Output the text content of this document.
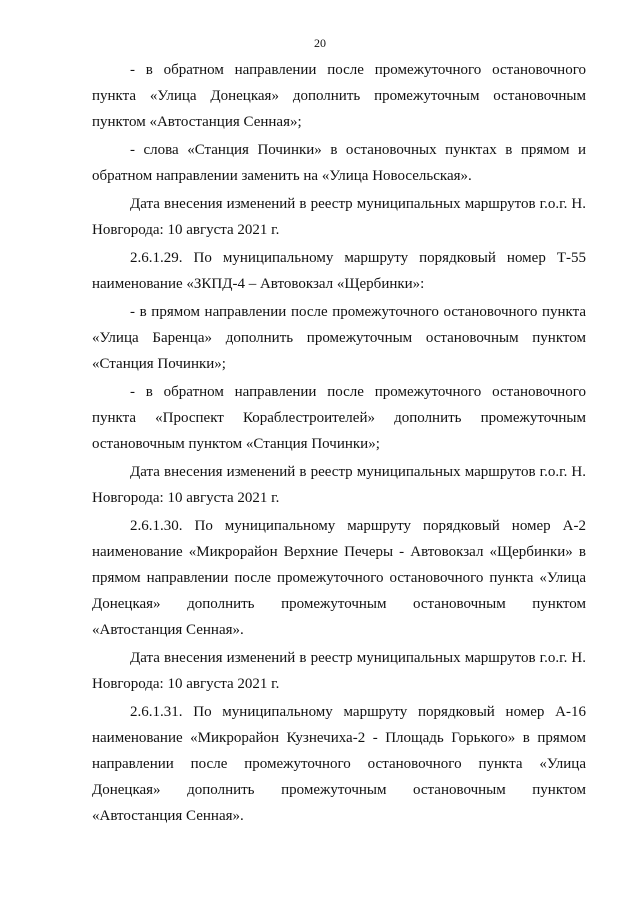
20

- в обратном направлении после промежуточного остановочного пункта «Улица Донецкая» дополнить промежуточным остановочным пунктом «Автостанция Сенная»;

- слова «Станция Починки» в остановочных пунктах в прямом и обратном направлении заменить на «Улица Новосельская».

Дата внесения изменений в реестр муниципальных маршрутов г.о.г. Н. Новгорода: 10 августа 2021 г.

2.6.1.29. По муниципальному маршруту порядковый номер Т-55 наименование «ЗКПД-4 – Автовокзал «Щербинки»:

- в прямом направлении после промежуточного остановочного пункта «Улица Баренца» дополнить промежуточным остановочным пунктом «Станция Починки»;

- в обратном направлении после промежуточного остановочного пункта «Проспект Кораблестроителей» дополнить промежуточным остановочным пунктом «Станция Починки»;

Дата внесения изменений в реестр муниципальных маршрутов г.о.г. Н. Новгорода: 10 августа 2021 г.

2.6.1.30. По муниципальному маршруту порядковый номер А-2 наименование «Микрорайон Верхние Печеры - Автовокзал «Щербинки» в прямом направлении после промежуточного остановочного пункта «Улица Донецкая» дополнить промежуточным остановочным пунктом «Автостанция Сенная».

Дата внесения изменений в реестр муниципальных маршрутов г.о.г. Н. Новгорода: 10 августа 2021 г.

2.6.1.31. По муниципальному маршруту порядковый номер А-16 наименование «Микрорайон Кузнечиха-2 - Площадь Горького» в прямом направлении после промежуточного остановочного пункта «Улица Донецкая» дополнить промежуточным остановочным пунктом «Автостанция Сенная».
